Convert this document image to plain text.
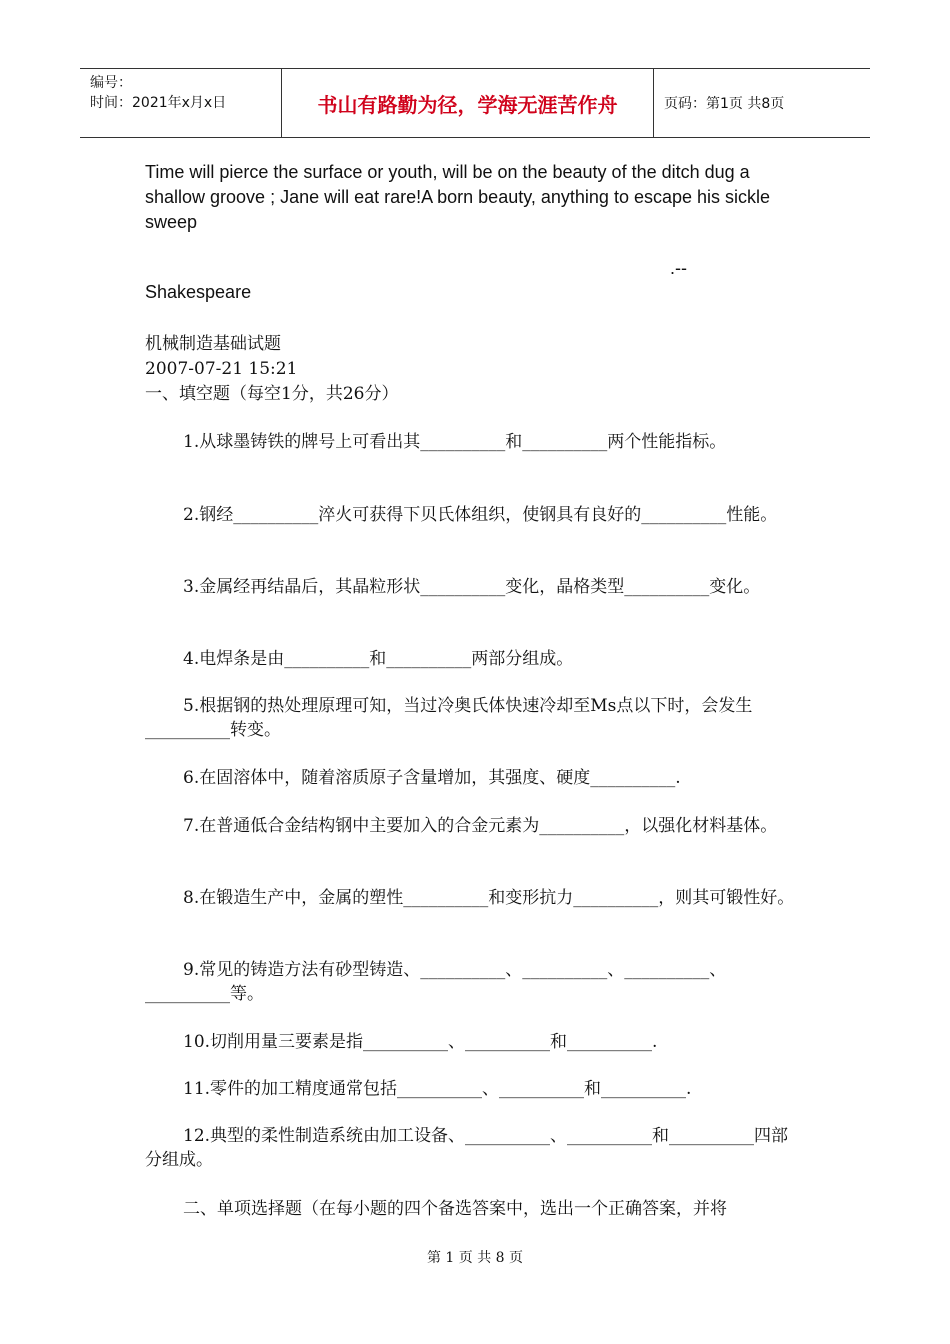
编号：
时间：2021年x月x日	书山有路勤为径，学海无涯苦作舟	页码：第1页 共8页
Time will pierce the surface or youth, will be on the beauty of the ditch dug a shallow groove ; Jane will eat rare!A born beauty, anything to escape his sickle sweep
.--
Shakespeare
机械制造基础试题
2007-07-21 15:21
一、填空题（每空1分，共26分）
1.从球墨铸铁的牌号上可看出其__________和__________两个性能指标。
2.钢经__________淬火可获得下贝氏体组织，使钢具有良好的__________性能。
3.金属经再结晶后，其晶粒形状__________变化，晶格类型__________变化。
4.电焊条是由__________和__________两部分组成。
5.根据钢的热处理原理可知，当过冷奥氏体快速冷却至Ms点以下时，会发生__________转变。
6.在固溶体中，随着溶质原子含量增加，其强度、硬度__________.
7.在普通低合金结构钢中主要加入的合金元素为__________，以强化材料基体。
8.在锻造生产中，金属的塑性__________和变形抗力__________，则其可锻性好。
9.常见的铸造方法有砂型铸造、__________、__________、__________、__________等。
10.切削用量三要素是指__________、__________和__________.
11.零件的加工精度通常包括__________、__________和__________.
12.典型的柔性制造系统由加工设备、__________、__________和__________四部分组成。
二、单项选择题（在每小题的四个备选答案中，选出一个正确答案，并将
第 1 页 共 8 页
